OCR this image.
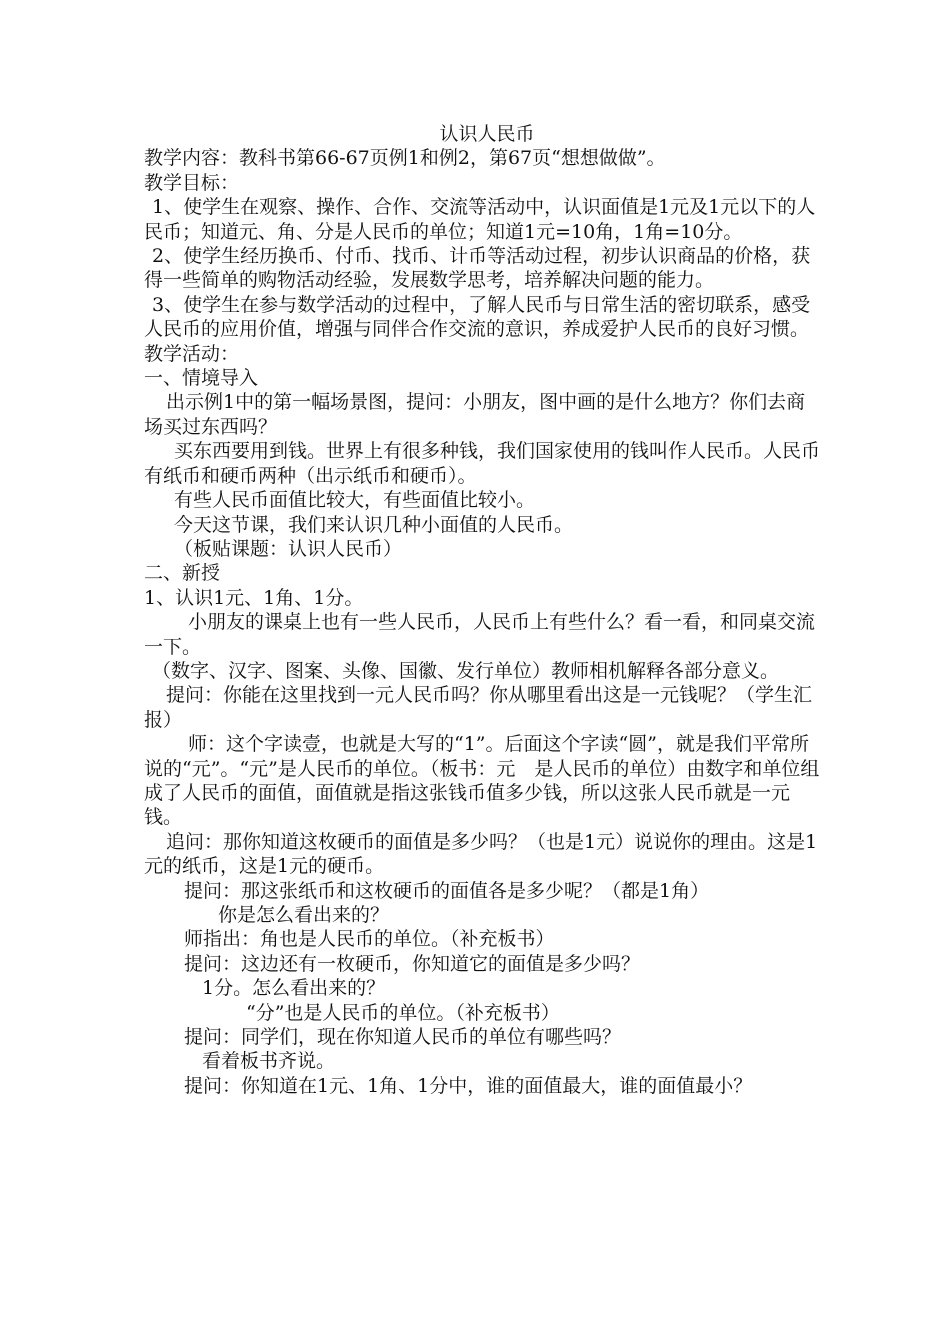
认识人民币

教学内容：教科书第66-67页例1和例2，第67页“想想做做”。

教学目标：

1、使学生在观察、操作、合作、交流等活动中，认识面值是1元及1元以下的人民币；知道元、角、分是人民币的单位；知道1元=10角，1角=10分。

2、使学生经历换币、付币、找币、计币等活动过程，初步认识商品的价格，获得一些简单的购物活动经验，发展数学思考，培养解决问题的能力。

3、使学生在参与数学活动的过程中，了解人民币与日常生活的密切联系，感受人民币的应用价值，增强与同伴合作交流的意识，养成爱护人民币的良好习惯。

教学活动：

一、情境导入

出示例1中的第一幅场景图，提问：小朋友，图中画的是什么地方？你们去商场买过东西吗？

买东西要用到钱。世界上有很多种钱，我们国家使用的钱叫作人民币。人民币有纸币和硬币两种（出示纸币和硬币）。

有些人民币面值比较大，有些面值比较小。

今天这节课，我们来认识几种小面值的人民币。

（板贴课题：认识人民币）

二、新授

1、认识1元、1角、1分。

小朋友的课桌上也有一些人民币，人民币上有些什么？看一看，和同桌交流一下。

（数字、汉字、图案、头像、国徽、发行单位）教师相机解释各部分意义。

提问：你能在这里找到一元人民币吗？你从哪里看出这是一元钱呢？（学生汇报）

师：这个字读壹，也就是大写的“1”。后面这个字读“圆”，就是我们平常所说的“元”。“元”是人民币的单位。（板书：元　是人民币的单位）由数字和单位组成了人民币的面值，面值就是指这张钱币值多少钱，所以这张人民币就是一元钱。

追问：那你知道这枚硬币的面值是多少吗？（也是1元）说说你的理由。这是1元的纸币，这是1元的硬币。

提问：那这张纸币和这枚硬币的面值各是多少呢？（都是1角）

你是怎么看出来的？

师指出：角也是人民币的单位。（补充板书）

提问：这边还有一枚硬币，你知道它的面值是多少吗？

1分。怎么看出来的？

“分”也是人民币的单位。（补充板书）

提问：同学们，现在你知道人民币的单位有哪些吗？

看着板书齐说。

提问：你知道在1元、1角、1分中，谁的面值最大，谁的面值最小？
